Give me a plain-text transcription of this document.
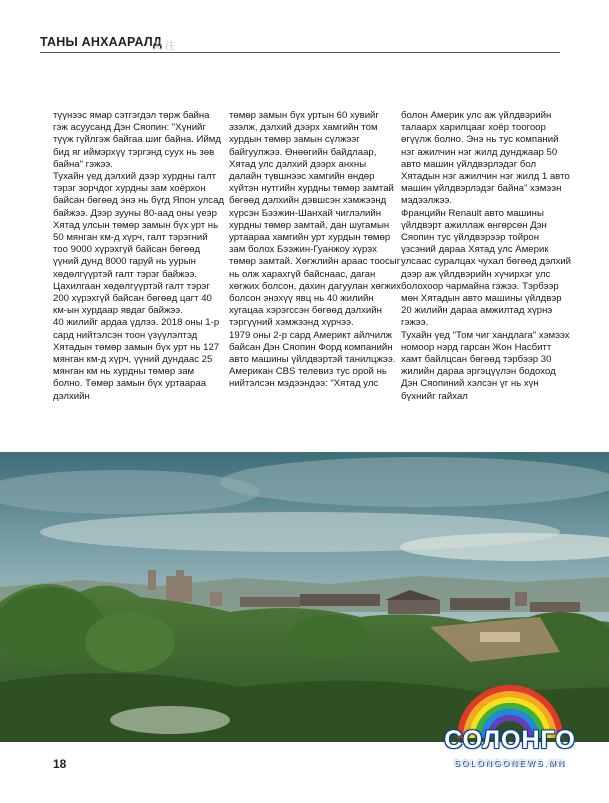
ТАНЫ АНХААРАЛД
关注
түүнээс ямар сэтгэгдэл төрж байна гэж асуусанд Дэн Сяопин: "Хүнийг түүж гүйлгэж байгаа шиг байна. Иймд бид яг иймэрхүү тэргэнд суух нь зөв байна" гэжээ.
Тухайн үед дэлхий дээр хурдны галт тэрэг зорчдог хурдны зам хоёрхон байсан бөгөөд энэ нь бүгд Япон улсад байжээ. Дээр зууны 80-аад оны үеэр Хятад улсын төмөр замын бүх урт нь 50 мянган км-д хүрч, галт тэрэгний тоо 9000 хүрэхгүй байсан бөгөөд үүний дунд 8000 гаруй нь уурын хөдөлгүүртэй галт тэрэг байжээ. Цахилгаан хөдөлгүүртэй галт тэрэг 200 хүрэхгүй байсан бөгөөд цагт 40 км-ын хурдаар явдаг байжээ.
40 жилийг ардаа үдлээ. 2018 оны 1-р сард нийтэлсэн тоон үзүүлэлтэд Хятадын төмөр замын бүх урт нь 127 мянган км-д хүрч, үүний дундаас 25 мянган км нь хурдны төмөр зам болно. Төмөр замын бүх уртаараа дэлхийн
төмөр замын бүх уртын 60 хувийг эзэлж, дэлхий дээрх хамгийн том хурдын төмөр замын сүлжээг байгуулжээ. Өнөөгийн байдлаар, Хятад улс дэлхий дээрх анхны далайн түвшнээс хамгийн өндөр хүйтэн нутгийн хурдны төмөр замтай бөгөөд дэлхийн дэвшсэн хэмжээнд хүрсэн Бээжин-Шанхай чиглэлийн хурдны төмөр замтай, дан шугамын уртаараа хамгийн урт хурдын төмөр зам болох Бээжин-Гуанжоу хүрэх төмөр замтай. Хөгжлийн араас тоосыг нь олж харахгүй байснаас, даган хөгжих болсон, дахин дагуулан хөгжих болсон энэхүү явц нь 40 жилийн хугацаа хэрэгссэн бөгөөд дэлхийн тэргүүний хэмжээнд хүрчээ.
1979 оны 2-р сард Америкт айлчилж байсан Дэн Сяопин Форд компанийн авто машины үйлдвэртэй танилцжээ. Американ CBS телевиз тус орой нь нийтэлсэн мэдээндээ: "Хятад улс
болон Америк улс аж үйлдвэрийн талаарх харилцааг хоёр тоогоор өгүүлж болно. Энэ нь тус компаний нэг ажилчин нэг жилд дунджаар 50 авто машин үйлдвэрлэдэг бол Хятадын нэг ажилчин нэг жилд 1 авто машин үйлдвэрлэдэг байна" хэмээн мэдээлжээ.
Францийн Renault авто машины үйлдвэрт ажиллаж өнгөрсөн Дэн Сяопин тус үйлдвэрээр тойрон үзсэний дараа Хятад улс Америк улсаас суралцах чухал бөгөөд дэлхий дээр аж үйлдвэрийн хүчирхэг улс болохоор чармайна гэжээ. Тэрбээр мөн Хятадын авто машины үйлдвэр 20 жилийн дараа амжилтад хүрнэ гэжээ.
Тухайн үед "Том чиг хандлага" хэмээх номоор нэрд гарсан Жон Насбитт хамт байлцсан бөгөөд тэрбээр 30 жилийн дараа эргэцүүлэн бодоход Дэн Сяопиний хэлсэн үг нь хүн бүхнийг гайхал
18
СОЛОНГО
SOLONGONEWS.MN
